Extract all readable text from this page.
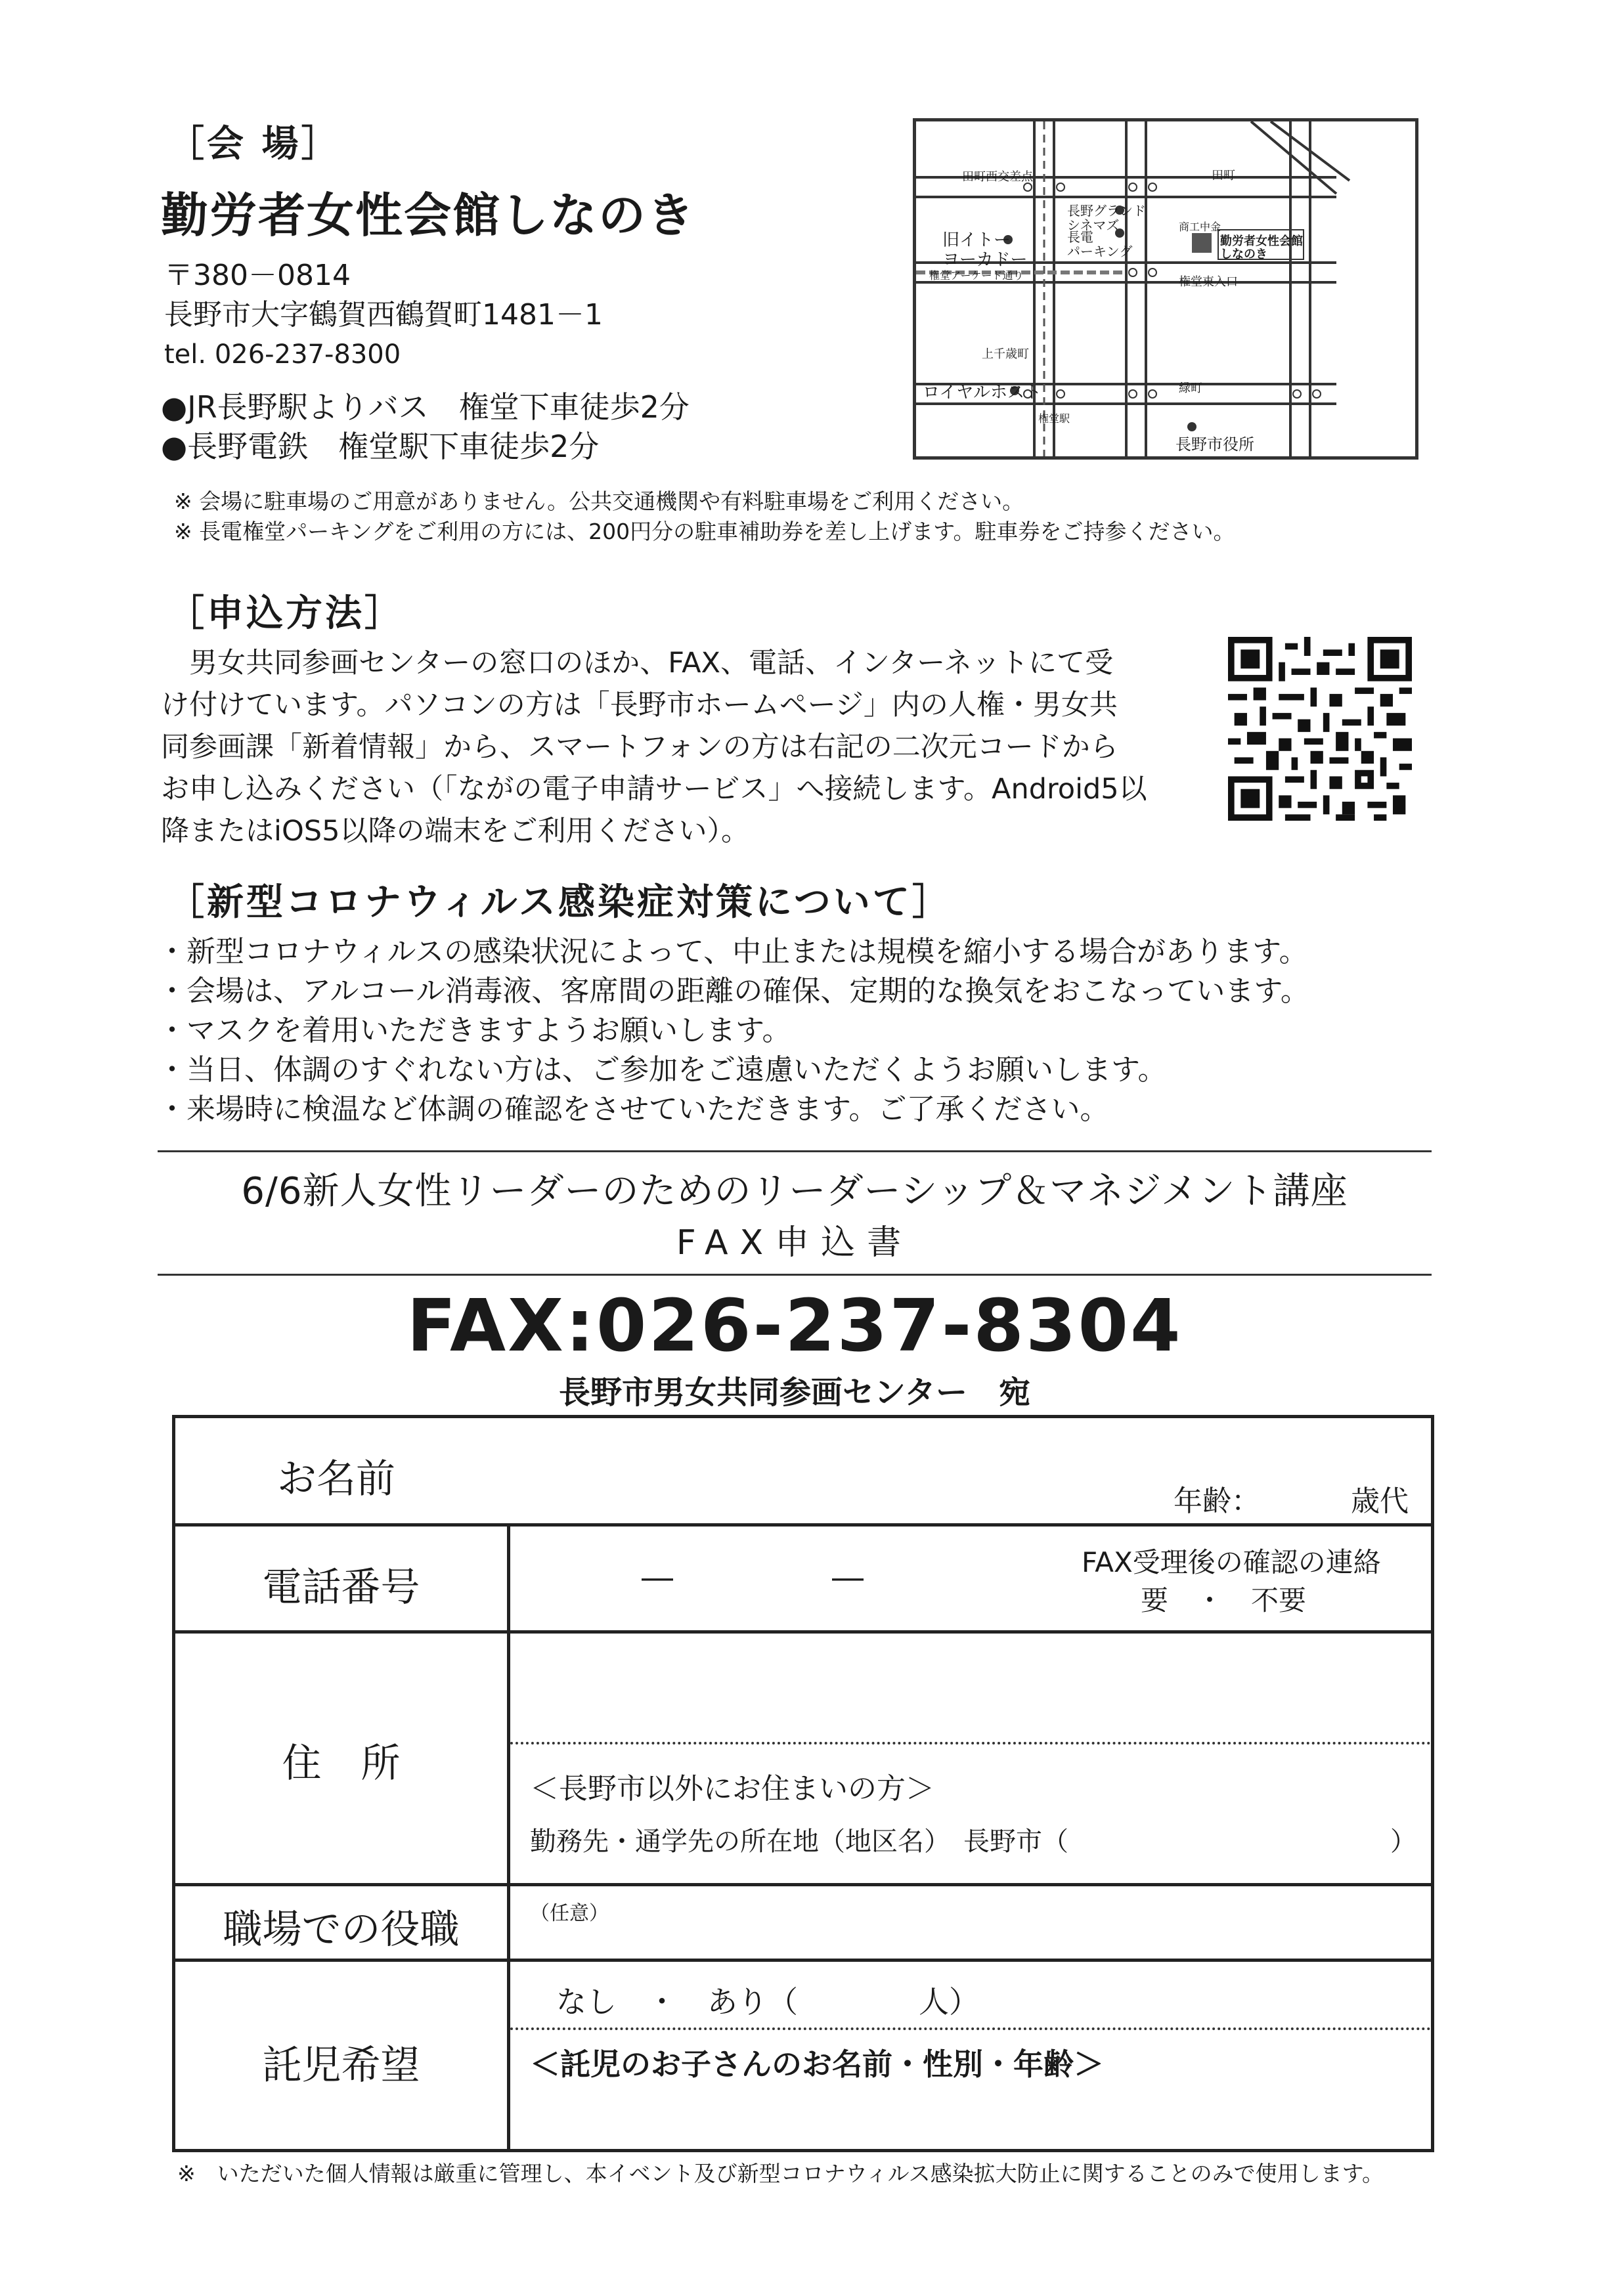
［会 場］
勤労者女性会館しなのき
〒380－0814
長野市大字鶴賀西鶴賀町1481－1
tel. 026-237-8300
●JR長野駅よりバス　権堂下車徒歩2分
●長野電鉄　権堂駅下車徒歩2分
※ 会場に駐車場のご用意がありません。公共交通機関や有料駐車場をご利用ください。
※ 長電権堂パーキングをご利用の方には、200円分の駐車補助券を差し上げます。駐車券をご持参ください。
田町西交差点
旧イトー
ヨーカドー
長野グランド
シネマズ
長電
パーキング
商工中金
勤労者女性会館
しなのき
権堂アーケード通り	権堂東入口
田町
上千歳町
ロイヤルホスト
権堂駅
緑町
長野市役所
［申込方法］
　男女共同参画センターの窓口のほか、FAX、電話、インターネットにて受
け付けています。パソコンの方は「長野市ホームページ」内の人権・男女共
同参画課「新着情報」から、スマートフォンの方は右記の二次元コードから
お申し込みください（「ながの電子申請サービス」へ接続します。Android5以
降またはiOS5以降の端末をご利用ください）。
［新型コロナウィルス感染症対策について］
・新型コロナウィルスの感染状況によって、中止または規模を縮小する場合があります。
・会場は、アルコール消毒液、客席間の距離の確保、定期的な換気をおこなっています。
・マスクを着用いただきますようお願いします。
・当日、体調のすぐれない方は、ご参加をご遠慮いただくようお願いします。
・来場時に検温など体調の確認をさせていただきます。ご了承ください。
6/6新人女性リーダーのためのリーダーシップ＆マネジメント講座
FAX申込書
FAX:026-237-8304
長野市男女共同参画センター　宛
お名前 年齢： 歳代	

電話番号	― ― FAX受理後の確認の連絡
要　・　不要

住　所	＜長野市以外にお住まいの方＞
勤務先・通学先の所在地（地区名）　長野市（ ）

職場での役職	（任意）

託児希望	なし　・　あり（　　　　人）
＜託児のお子さんのお名前・性別・年齢＞
※　いただいた個人情報は厳重に管理し、本イベント及び新型コロナウィルス感染拡大防止に関することのみで使用します。
